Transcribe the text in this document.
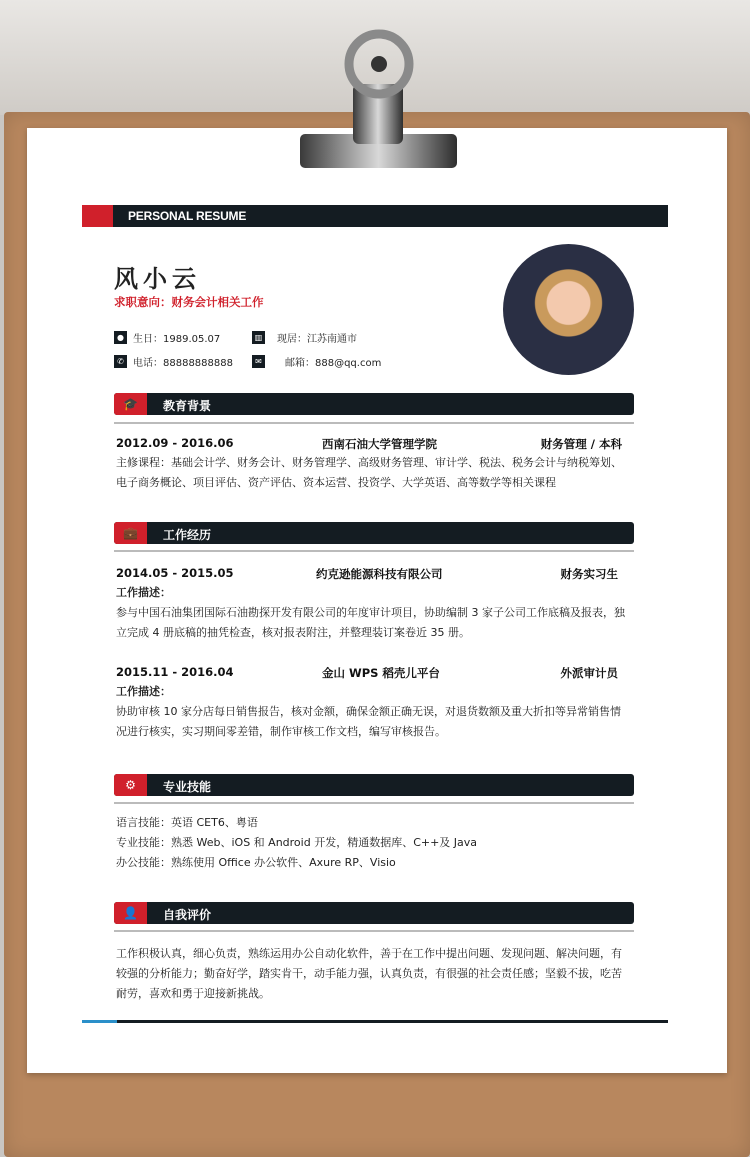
PERSONAL RESUME
风小云
求职意向：财务会计相关工作
● 生日：1989.05.07	▥ 现居：江苏南通市
✆ 电话：88888888888	✉	邮箱：888@qq.com
🎓	教育背景
2012.09 - 2016.06	西南石油大学管理学院	财务管理 / 本科
主修课程：基础会计学、财务会计、财务管理学、高级财务管理、审计学、税法、税务会计与纳税筹划、电子商务概论、项目评估、资产评估、资本运营、投资学、大学英语、高等数学等相关课程
💼	工作经历
2014.05 - 2015.05	约克逊能源科技有限公司	财务实习生
工作描述：
参与中国石油集团国际石油勘探开发有限公司的年度审计项目，协助编制 3 家子公司工作底稿及报表，独立完成 4 册底稿的抽凭检查，核对报表附注，并整理装订案卷近 35 册。
2015.11 - 2016.04	金山 WPS 稻壳儿平台	外派审计员
工作描述：
协助审核 10 家分店每日销售报告，核对金额，确保金额正确无误，对退货数额及重大折扣等异常销售情况进行核实，实习期间零差错，制作审核工作文档，编写审核报告。
⚙	专业技能
语言技能：英语 CET6、粤语
专业技能：熟悉 Web、iOS 和 Android 开发，精通数据库、C++及 Java
办公技能：熟练使用 Office 办公软件、Axure RP、Visio
👤	自我评价
工作积极认真，细心负责，熟练运用办公自动化软件，善于在工作中提出问题、发现问题、解决问题，有较强的分析能力；勤奋好学，踏实肯干，动手能力强，认真负责，有很强的社会责任感；坚毅不拔，吃苦耐劳，喜欢和勇于迎接新挑战。
